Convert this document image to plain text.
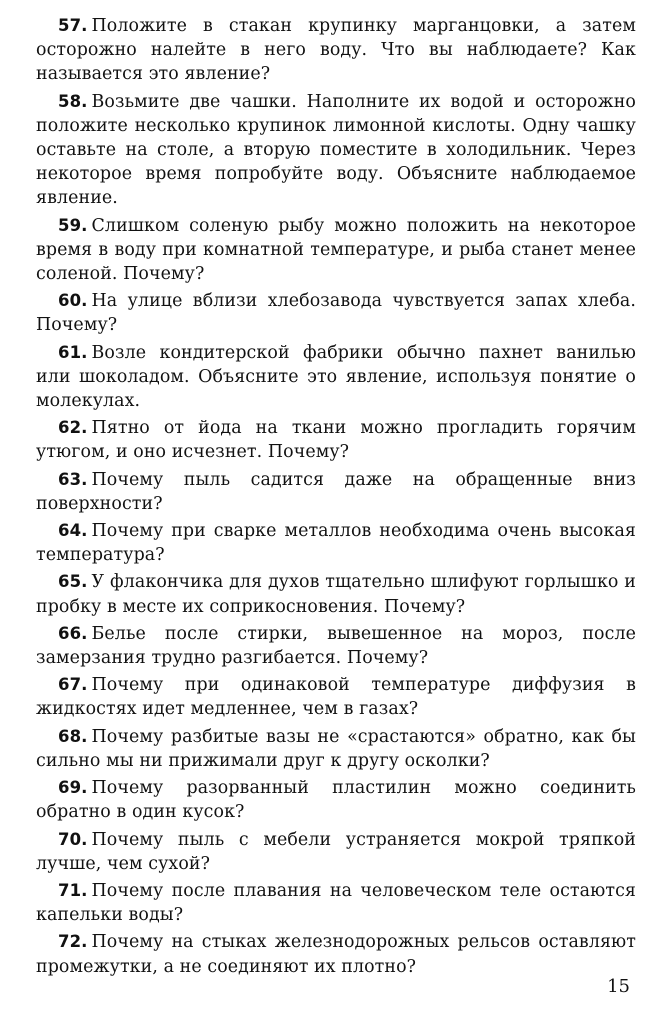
57. Положите в стакан крупинку марганцовки, а затем осторожно налейте в него воду. Что вы наблюдаете? Как называется это явление?

58. Возьмите две чашки. Наполните их водой и осторожно положите несколько крупинок лимонной кислоты. Одну чашку оставьте на столе, а вторую поместите в холодильник. Через некоторое время попробуйте воду. Объясните наблюдаемое явление.

59. Слишком соленую рыбу можно положить на некоторое время в воду при комнатной температуре, и рыба станет менее соленой. Почему?

60. На улице вблизи хлебозавода чувствуется запах хлеба. Почему?

61. Возле кондитерской фабрики обычно пахнет ванилью или шоколадом. Объясните это явление, используя понятие о молекулах.

62. Пятно от йода на ткани можно прогладить горячим утюгом, и оно исчезнет. Почему?

63. Почему пыль садится даже на обращенные вниз поверхности?

64. Почему при сварке металлов необходима очень высокая температура?

65. У флакончика для духов тщательно шлифуют горлышко и пробку в месте их соприкосновения. Почему?

66. Белье после стирки, вывешенное на мороз, после замерзания трудно разгибается. Почему?

67. Почему при одинаковой температуре диффузия в жидкостях идет медленнее, чем в газах?

68. Почему разбитые вазы не «срастаются» обратно, как бы сильно мы ни прижимали друг к другу осколки?

69. Почему разорванный пластилин можно соединить обратно в один кусок?

70. Почему пыль с мебели устраняется мокрой тряпкой лучше, чем сухой?

71. Почему после плавания на человеческом теле остаются капельки воды?

72. Почему на стыках железнодорожных рельсов оставляют промежутки, а не соединяют их плотно?

15
